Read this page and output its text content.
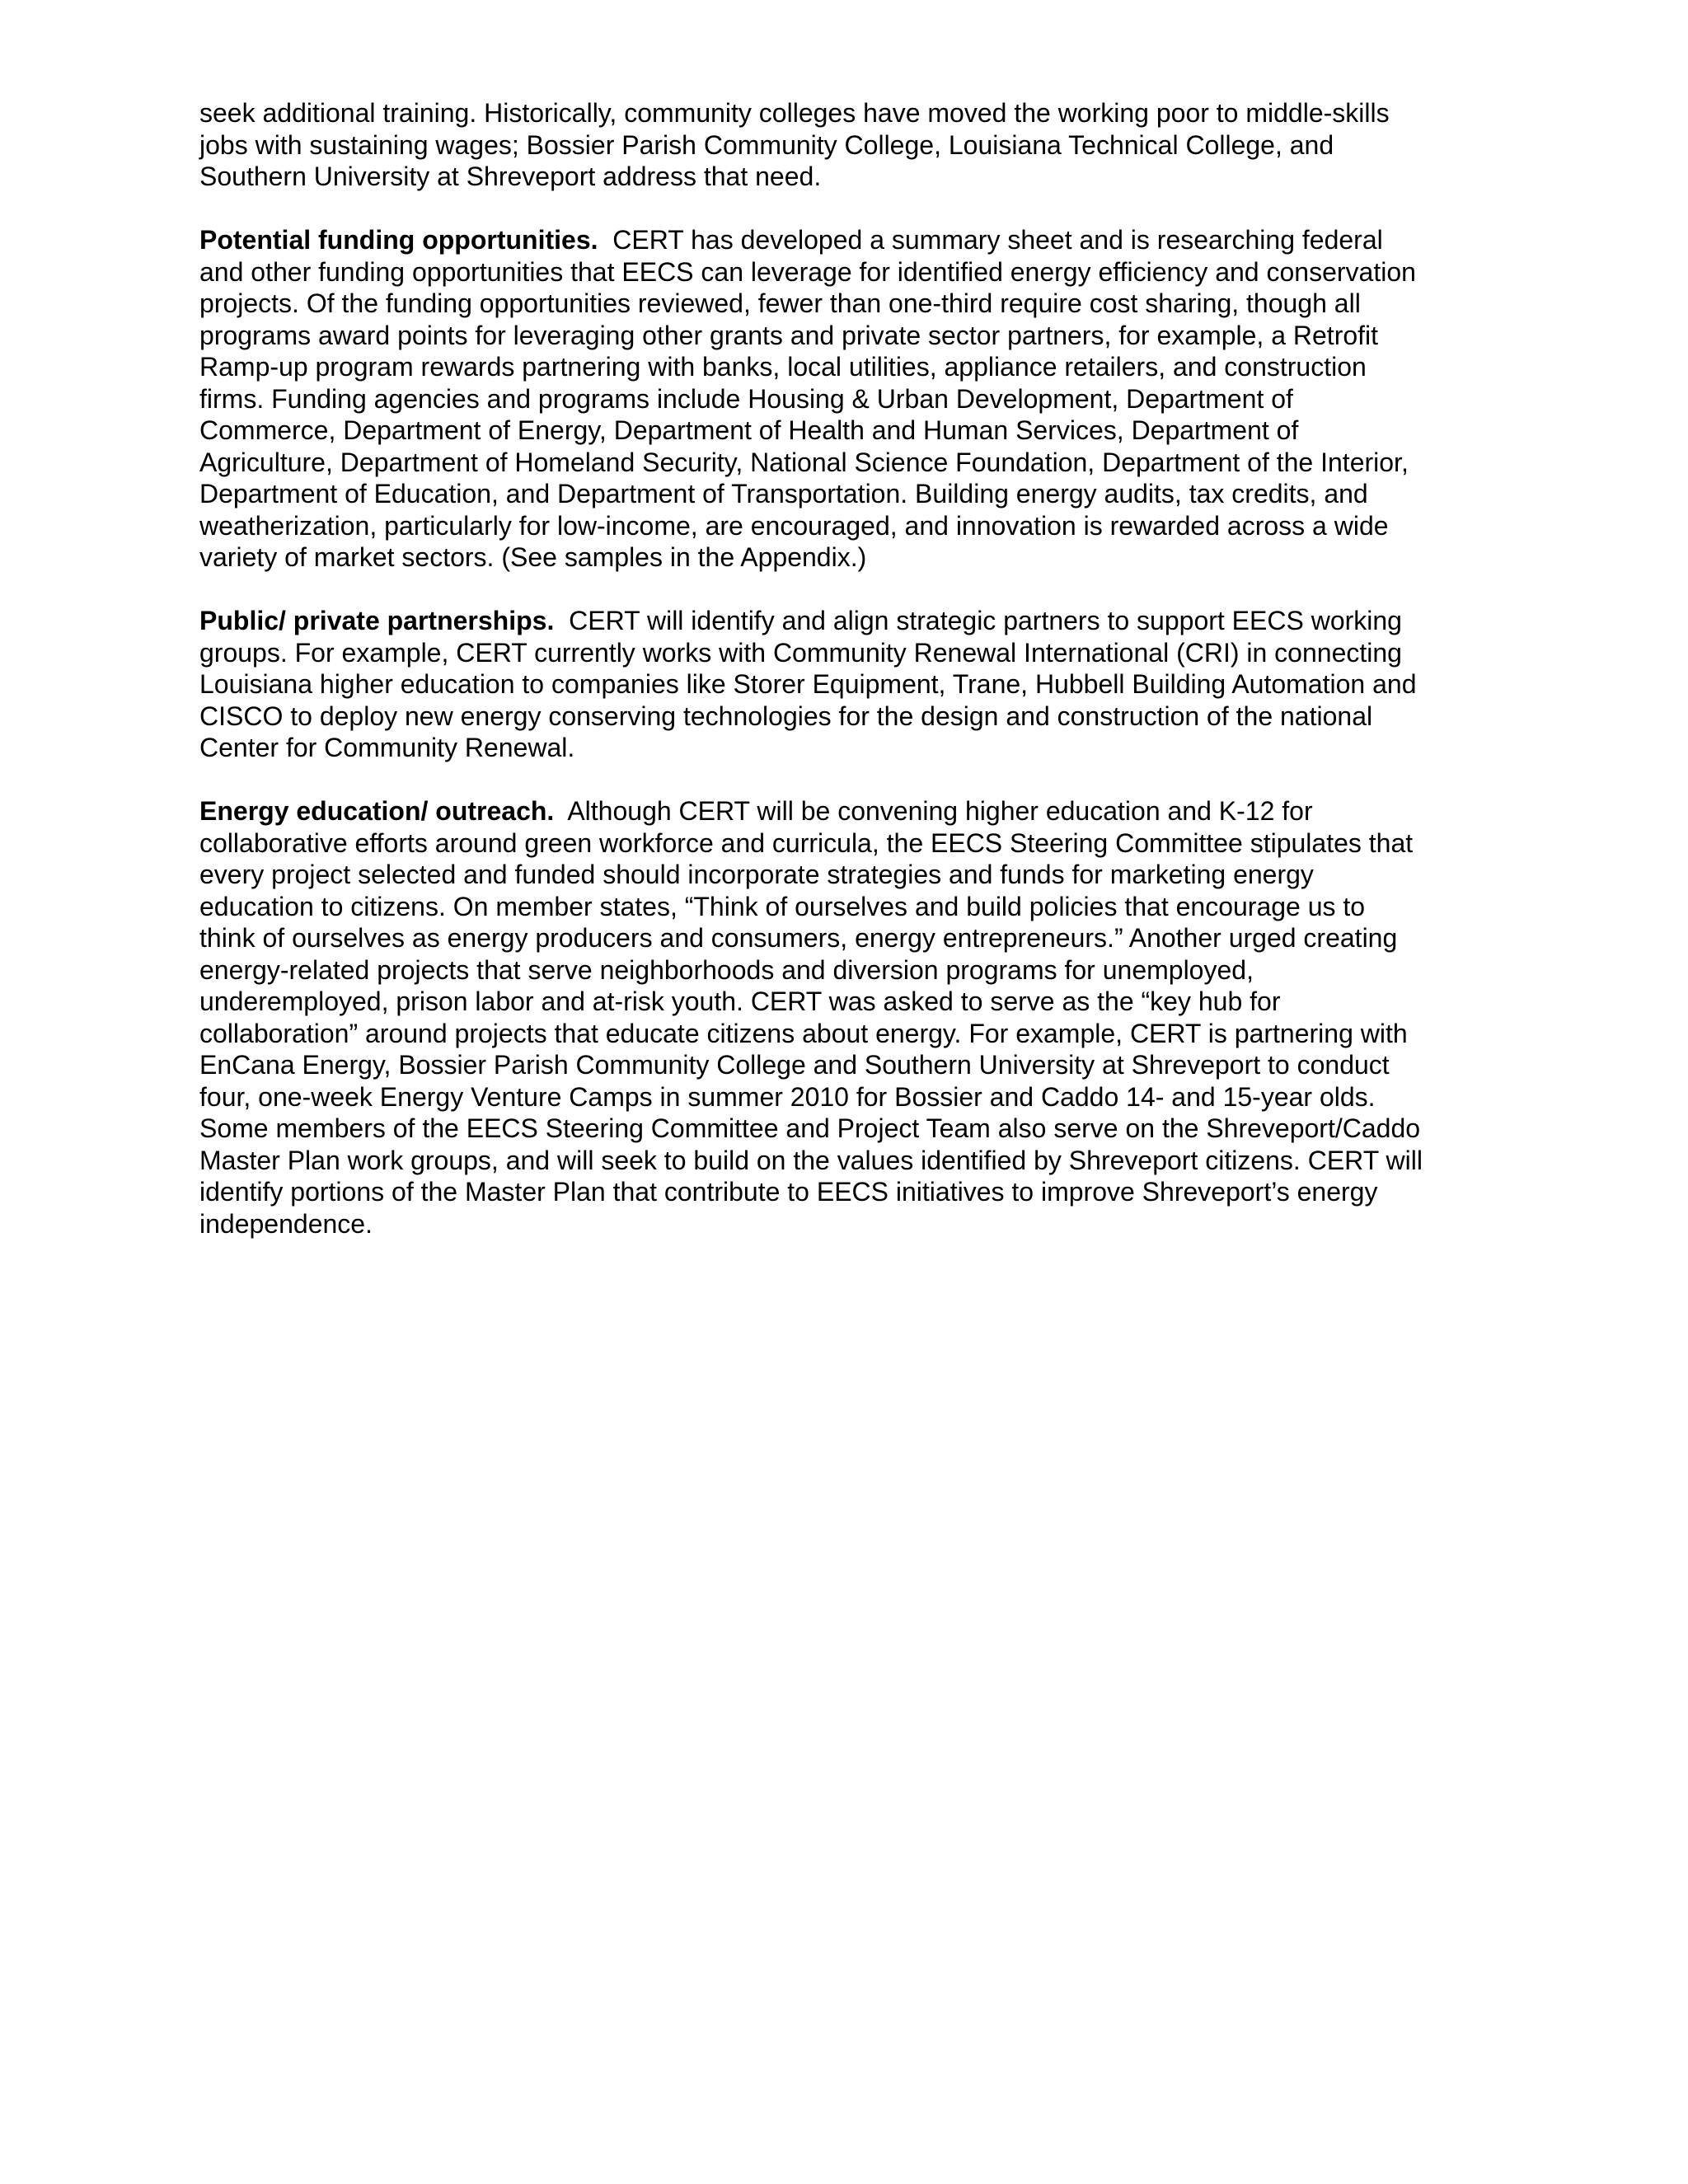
seek additional training. Historically, community colleges have moved the working poor to middle-skills
jobs with sustaining wages; Bossier Parish Community College, Louisiana Technical College, and
Southern University at Shreveport address that need.

Potential funding opportunities.  CERT has developed a summary sheet and is researching federal
and other funding opportunities that EECS can leverage for identified energy efficiency and conservation
projects. Of the funding opportunities reviewed, fewer than one-third require cost sharing, though all
programs award points for leveraging other grants and private sector partners, for example, a Retrofit
Ramp-up program rewards partnering with banks, local utilities, appliance retailers, and construction
firms. Funding agencies and programs include Housing & Urban Development, Department of
Commerce, Department of Energy, Department of Health and Human Services, Department of
Agriculture, Department of Homeland Security, National Science Foundation, Department of the Interior,
Department of Education, and Department of Transportation. Building energy audits, tax credits, and
weatherization, particularly for low-income, are encouraged, and innovation is rewarded across a wide
variety of market sectors. (See samples in the Appendix.)

Public/ private partnerships.  CERT will identify and align strategic partners to support EECS working
groups. For example, CERT currently works with Community Renewal International (CRI) in connecting
Louisiana higher education to companies like Storer Equipment, Trane, Hubbell Building Automation and
CISCO to deploy new energy conserving technologies for the design and construction of the national
Center for Community Renewal.

Energy education/ outreach.  Although CERT will be convening higher education and K-12 for
collaborative efforts around green workforce and curricula, the EECS Steering Committee stipulates that
every project selected and funded should incorporate strategies and funds for marketing energy
education to citizens. On member states, “Think of ourselves and build policies that encourage us to
think of ourselves as energy producers and consumers, energy entrepreneurs.” Another urged creating
energy-related projects that serve neighborhoods and diversion programs for unemployed,
underemployed, prison labor and at-risk youth. CERT was asked to serve as the “key hub for
collaboration” around projects that educate citizens about energy. For example, CERT is partnering with
EnCana Energy, Bossier Parish Community College and Southern University at Shreveport to conduct
four, one-week Energy Venture Camps in summer 2010 for Bossier and Caddo 14- and 15-year olds.
Some members of the EECS Steering Committee and Project Team also serve on the Shreveport/Caddo
Master Plan work groups, and will seek to build on the values identified by Shreveport citizens. CERT will
identify portions of the Master Plan that contribute to EECS initiatives to improve Shreveport’s energy
independence.
